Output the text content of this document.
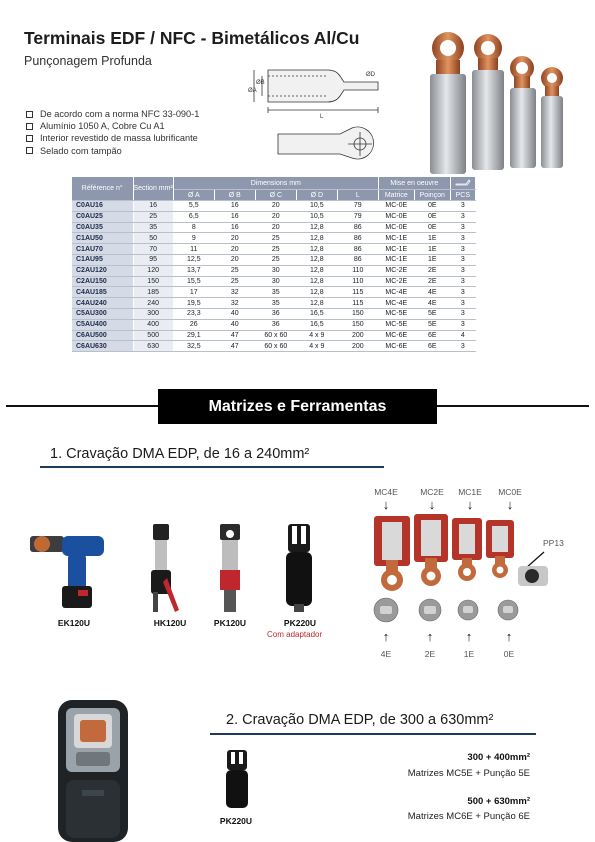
Terminais EDF / NFC - Bimetálicos Al/Cu
Punçonagem Profunda
ØA
ØB
ØD
L
De acordo com a norma NFC 33-090-1
Alumínio 1050 A, Cobre Cu A1
Interior revestido de massa lubrificante
Selado com tampão
Référence n°	Section mm²	Dimensions mm					Mise en oeuvre	
		Ø A	Ø B	Ø C	Ø D	L	Matrice	Poinçon	PCS
C0AU16	16	5,5	16	20	10,5	79	MC-0E	0E	3
C0AU25	25	6,5	16	20	10,5	79	MC-0E	0E	3
C0AU35	35	8	16	20	12,8	86	MC-0E	0E	3
C1AU50	50	9	20	25	12,8	86	MC-1E	1E	3
C1AU70	70	11	20	25	12,8	86	MC-1E	1E	3
C1AU95	95	12,5	20	25	12,8	86	MC-1E	1E	3
C2AU120	120	13,7	25	30	12,8	110	MC-2E	2E	3
C2AU150	150	15,5	25	30	12,8	110	MC-2E	2E	3
C4AU185	185	17	32	35	12,8	115	MC-4E	4E	3
C4AU240	240	19,5	32	35	12,8	115	MC-4E	4E	3
C5AU300	300	23,3	40	36	16,5	150	MC-5E	5E	3
C5AU400	400	26	40	36	16,5	150	MC-5E	5E	3
C6AU500	500	29,1	47	60 x 60	4 x 9	200	MC-6E	6E	4
C6AU630	630	32,5	47	60 x 60	4 x 9	200	MC-6E	6E	3
Matrizes e Ferramentas
1. Cravação DMA EDP, de 16 a 240mm²
EK120U	HK120U	PK120U	PK220U
Com adaptador
MC4E	MC2E	MC1E	MC0E
↓	↓	↓	↓
PP13
↑	↑	↑	↑
4E	2E	1E	0E
2. Cravação DMA EDP, de 300 a 630mm²
PK220U
300 + 400mm²
Matrizes MC5E + Punção 5E
500 + 630mm²
Matrizes MC6E + Punção 6E
